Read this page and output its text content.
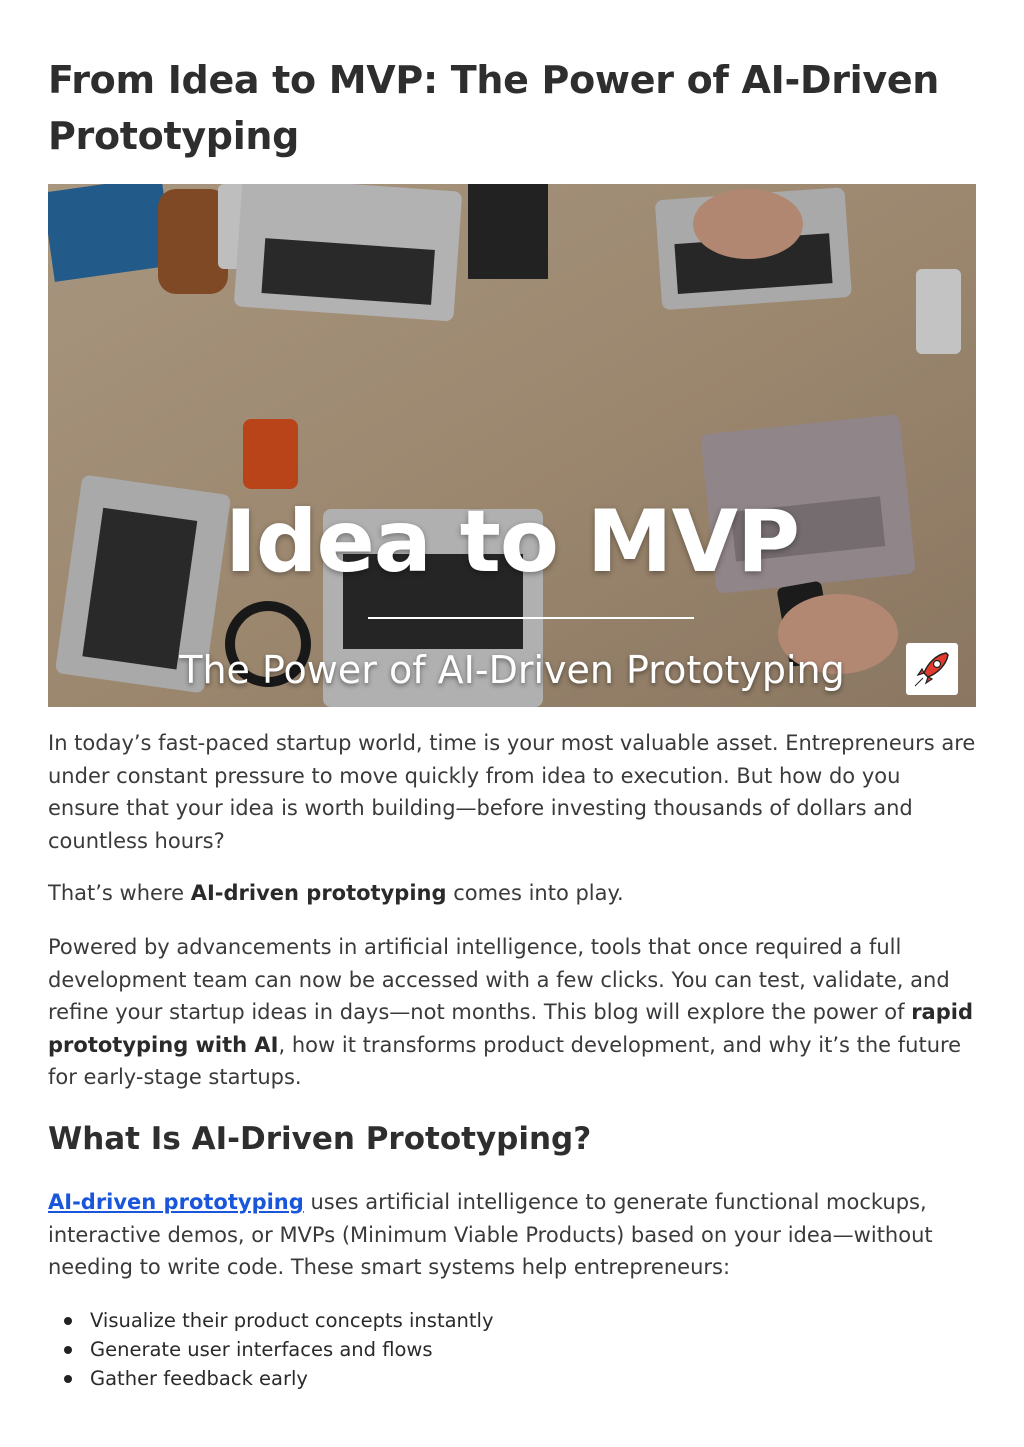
From Idea to MVP: The Power of AI-Driven Prototyping
Idea to MVP
The Power of AI-Driven Prototyping

In today’s fast-paced startup world, time is your most valuable asset. Entrepreneurs are under constant pressure to move quickly from idea to execution. But how do you ensure that your idea is worth building—before investing thousands of dollars and countless hours?

That’s where AI-driven prototyping comes into play.

Powered by advancements in artificial intelligence, tools that once required a full development team can now be accessed with a few clicks. You can test, validate, and refine your startup ideas in days—not months. This blog will explore the power of rapid prototyping with AI, how it transforms product development, and why it’s the future for early-stage startups.

What Is AI-Driven Prototyping?

AI-driven prototyping uses artificial intelligence to generate functional mockups, interactive demos, or MVPs (Minimum Viable Products) based on your idea—without needing to write code. These smart systems help entrepreneurs:

Visualize their product concepts instantly
Generate user interfaces and flows
Gather feedback early
